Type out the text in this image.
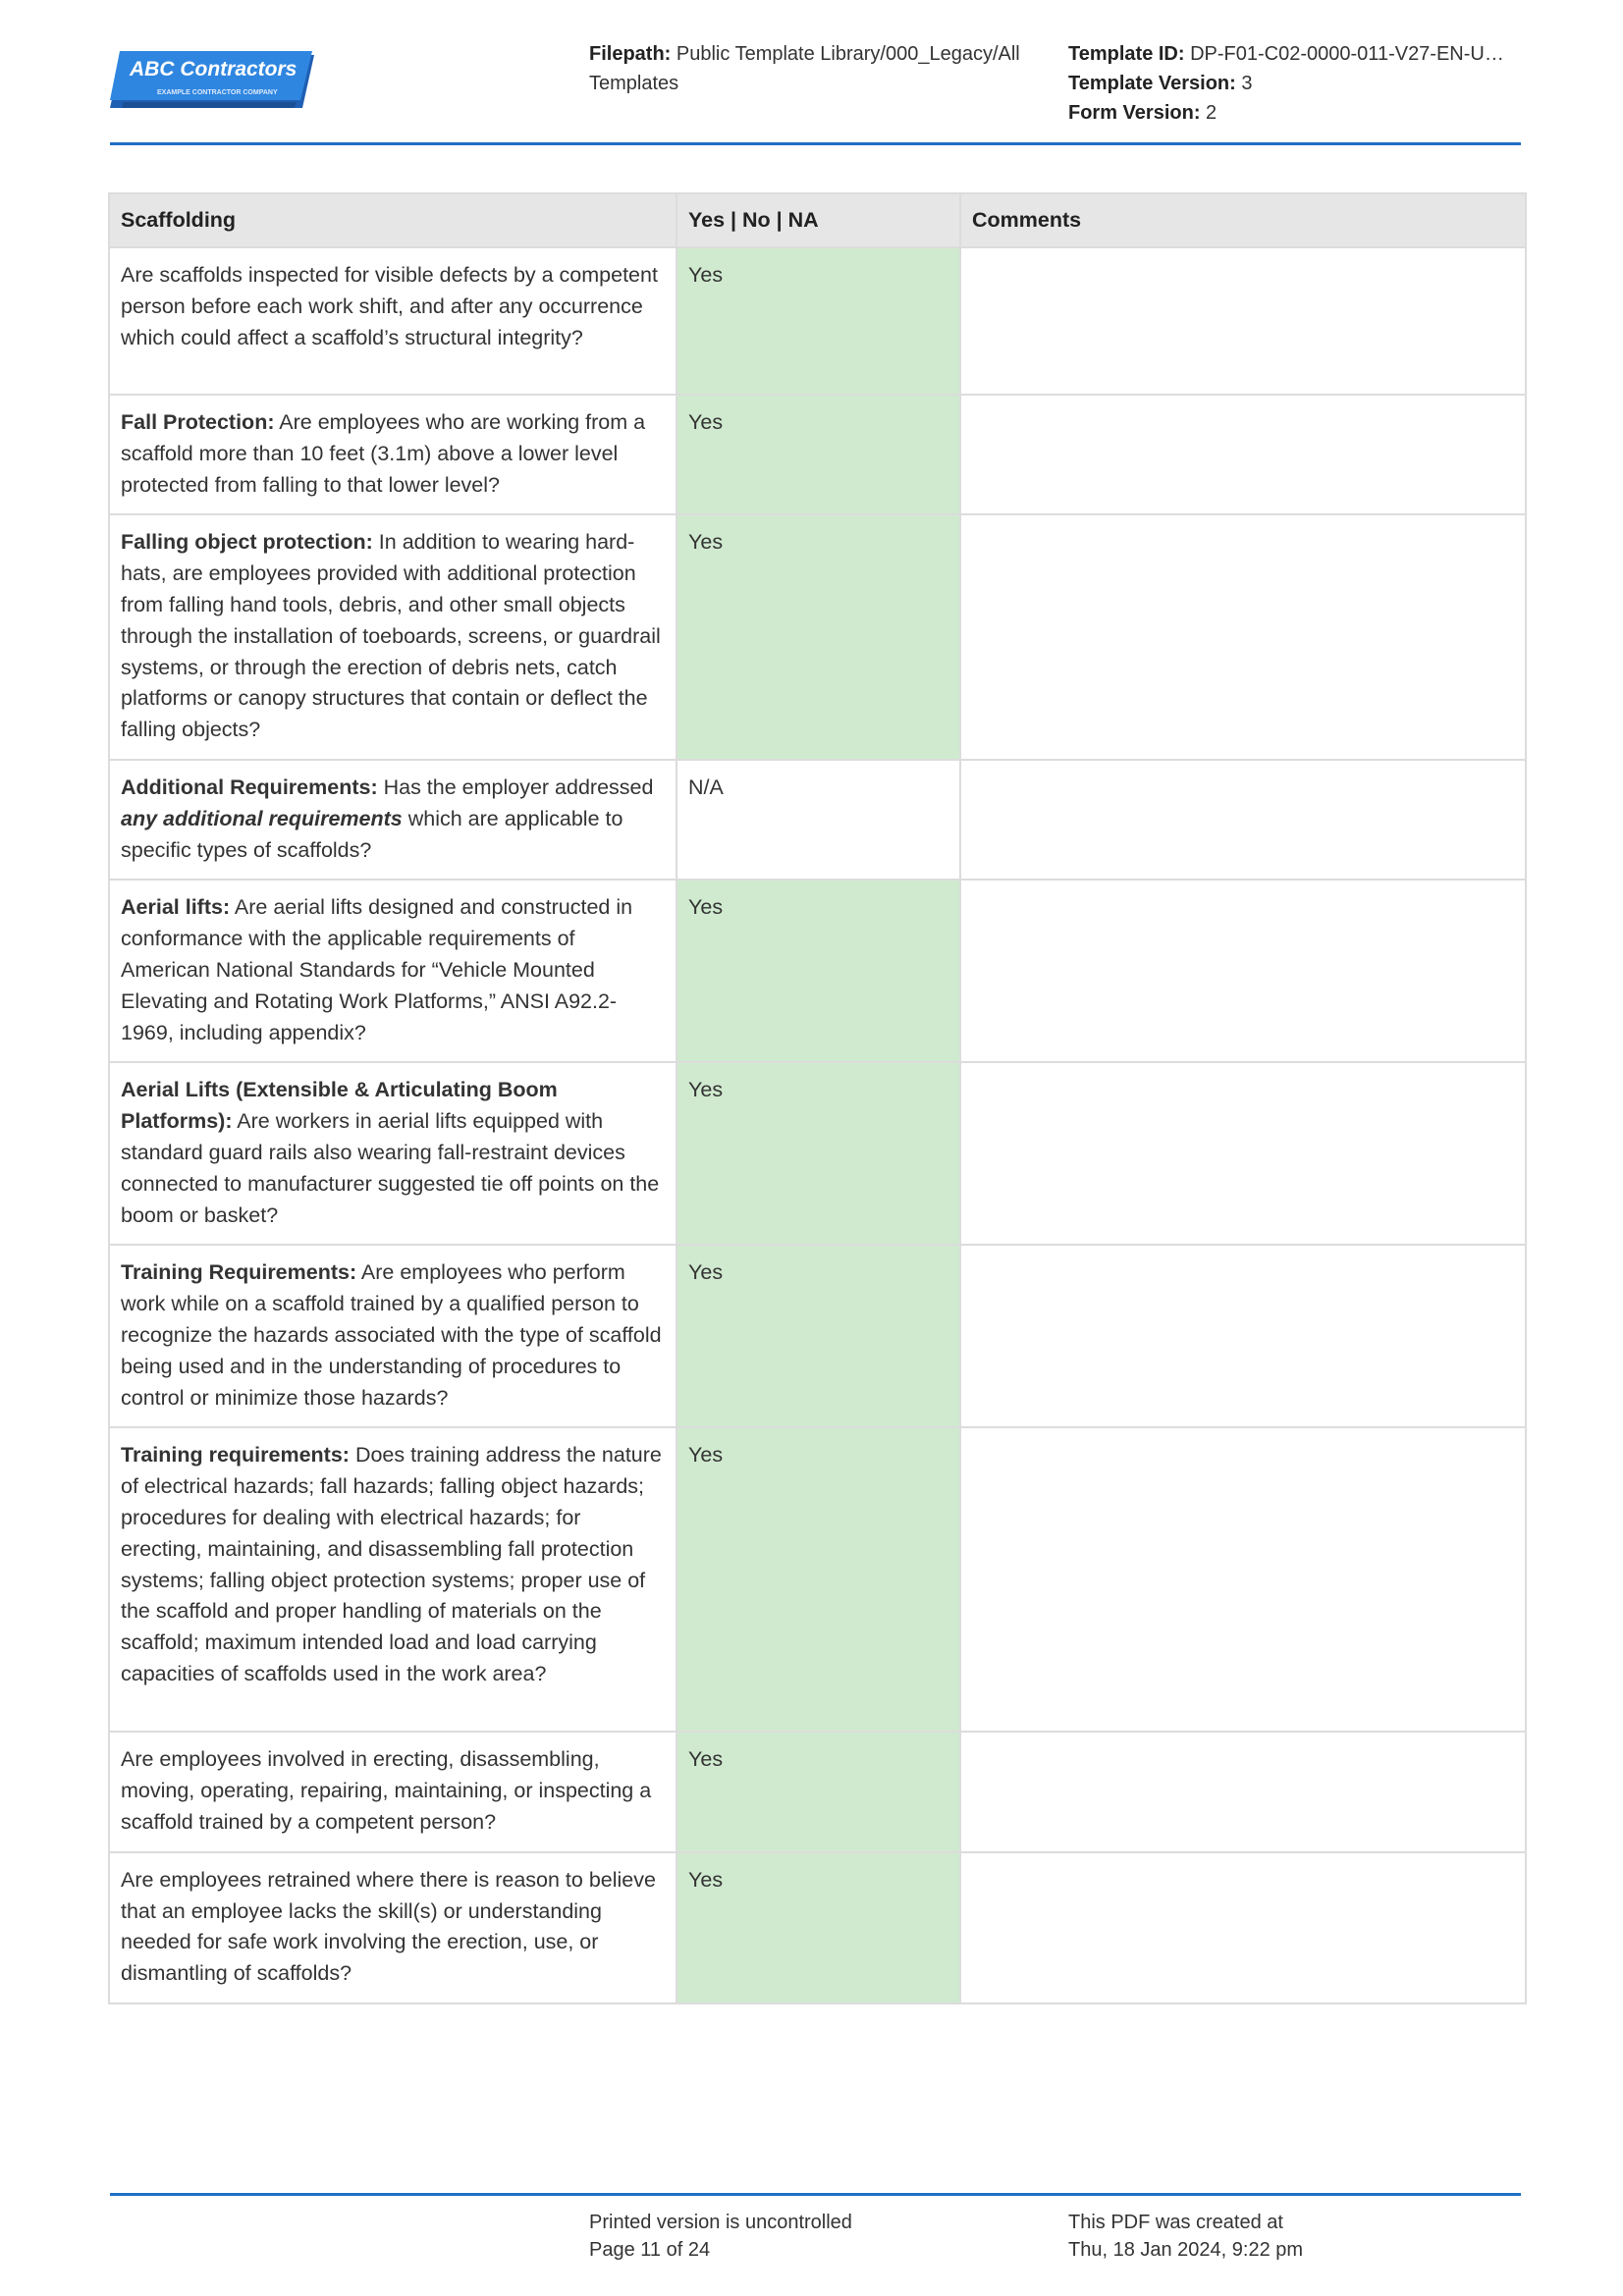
ABC Contractors
EXAMPLE CONTRACTOR COMPANY
Filepath: Public Template Library/000_Legacy/All Templates
Template ID: DP-F01-C02-0000-011-V27-EN-U…
Template Version: 3
Form Version: 2
Scaffolding	Yes | No | NA	Comments
Are scaffolds inspected for visible defects by a competent person before each work shift, and after any occurrence which could affect a scaffold’s structural integrity?	Yes	
Fall Protection: Are employees who are working from a scaffold more than 10 feet (3.1m) above a lower level protected from falling to that lower level?	Yes	
Falling object protection: In addition to wearing hard-hats, are employees provided with additional protection from falling hand tools, debris, and other small objects through the installation of toeboards, screens, or guardrail systems, or through the erection of debris nets, catch platforms or canopy structures that contain or deflect the falling objects?	Yes	
Additional Requirements: Has the employer addressed any additional requirements which are applicable to specific types of scaffolds?	N/A	
Aerial lifts: Are aerial lifts designed and constructed in conformance with the applicable requirements of American National Standards for “Vehicle Mounted Elevating and Rotating Work Platforms,” ANSI A92.2-1969, including appendix?	Yes	
Aerial Lifts (Extensible & Articulating Boom Platforms): Are workers in aerial lifts equipped with standard guard rails also wearing fall-restraint devices connected to manufacturer suggested tie off points on the boom or basket?	Yes	
Training Requirements: Are employees who perform work while on a scaffold trained by a qualified person to recognize the hazards associated with the type of scaffold being used and in the understanding of procedures to control or minimize those hazards?	Yes	
Training requirements: Does training address the nature of electrical hazards; fall hazards; falling object hazards; procedures for dealing with electrical hazards; for erecting, maintaining, and disassembling fall protection systems; falling object protection systems; proper use of the scaffold and proper handling of materials on the scaffold; maximum intended load and load carrying capacities of scaffolds used in the work area?	Yes	
Are employees involved in erecting, disassembling, moving, operating, repairing, maintaining, or inspecting a scaffold trained by a competent person?	Yes	
Are employees retrained where there is reason to believe that an employee lacks the skill(s) or understanding needed for safe work involving the erection, use, or dismantling of scaffolds?	Yes	
Printed version is uncontrolled
Page 11 of 24
This PDF was created at
Thu, 18 Jan 2024, 9:22 pm
